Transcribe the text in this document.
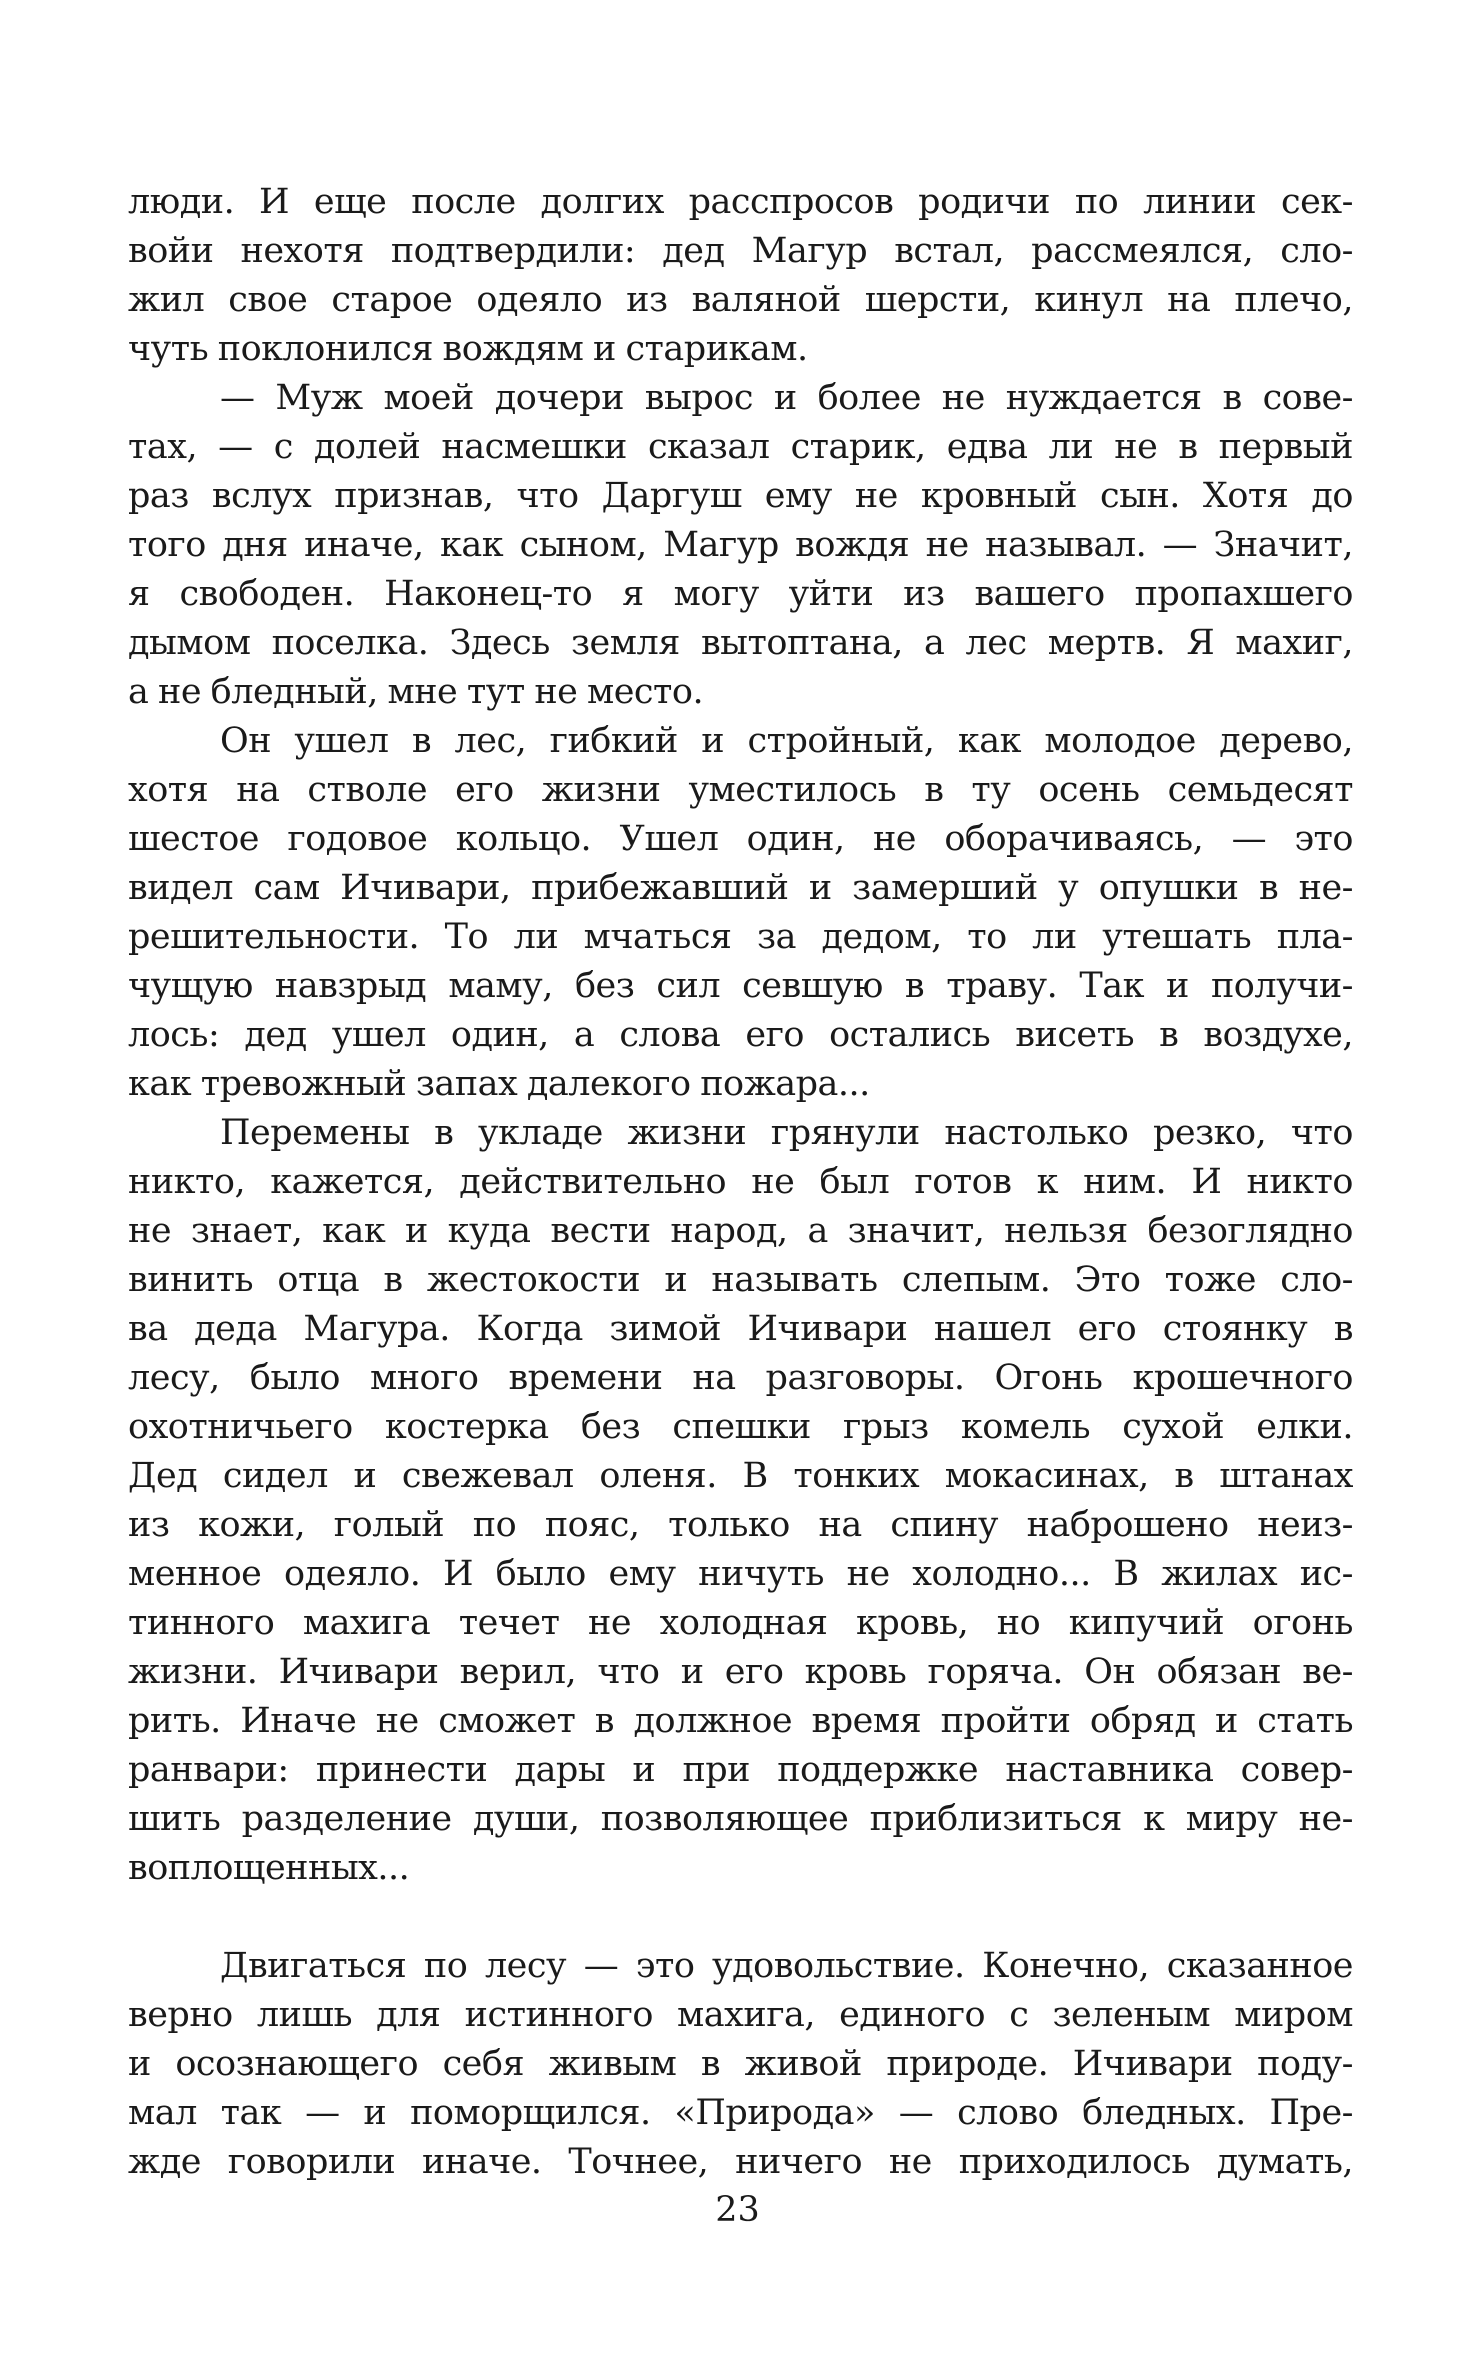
люди. И еще после долгих расспросов родичи по линии сек-
войи нехотя подтвердили: дед Магур встал, рассмеялся, сло-
жил свое старое одеяло из валяной шерсти, кинул на плечо,
чуть поклонился вождям и старикам.
— Муж моей дочери вырос и более не нуждается в сове-
тах, — с долей насмешки сказал старик, едва ли не в первый
раз вслух признав, что Даргуш ему не кровный сын. Хотя до
того дня иначе, как сыном, Магур вождя не называл. — Значит,
я свободен. Наконец-то я могу уйти из вашего пропахшего
дымом поселка. Здесь земля вытоптана, а лес мертв. Я махиг,
а не бледный, мне тут не место.
Он ушел в лес, гибкий и стройный, как молодое дерево,
хотя на стволе его жизни уместилось в ту осень семьдесят
шестое годовое кольцо. Ушел один, не оборачиваясь, — это
видел сам Ичивари, прибежавший и замерший у опушки в не-
решительности. То ли мчаться за дедом, то ли утешать пла-
чущую навзрыд маму, без сил севшую в траву. Так и получи-
лось: дед ушел один, а слова его остались висеть в воздухе,
как тревожный запах далекого пожара...
Перемены в укладе жизни грянули настолько резко, что
никто, кажется, действительно не был готов к ним. И никто
не знает, как и куда вести народ, а значит, нельзя безоглядно
винить отца в жестокости и называть слепым. Это тоже сло-
ва деда Магура. Когда зимой Ичивари нашел его стоянку в
лесу, было много времени на разговоры. Огонь крошечного
охотничьего костерка без спешки грыз комель сухой елки.
Дед сидел и свежевал оленя. В тонких мокасинах, в штанах
из кожи, голый по пояс, только на спину наброшено неиз-
менное одеяло. И было ему ничуть не холодно... В жилах ис-
тинного махига течет не холодная кровь, но кипучий огонь
жизни. Ичивари верил, что и его кровь горяча. Он обязан ве-
рить. Иначе не сможет в должное время пройти обряд и стать
ранвари: принести дары и при поддержке наставника совер-
шить разделение души, позволяющее приблизиться к миру не-
воплощенных...
Двигаться по лесу — это удовольствие. Конечно, сказанное
верно лишь для истинного махига, единого с зеленым миром
и осознающего себя живым в живой природе. Ичивари поду-
мал так — и поморщился. «Природа» — слово бледных. Пре-
жде говорили иначе. Точнее, ничего не приходилось думать,
23
